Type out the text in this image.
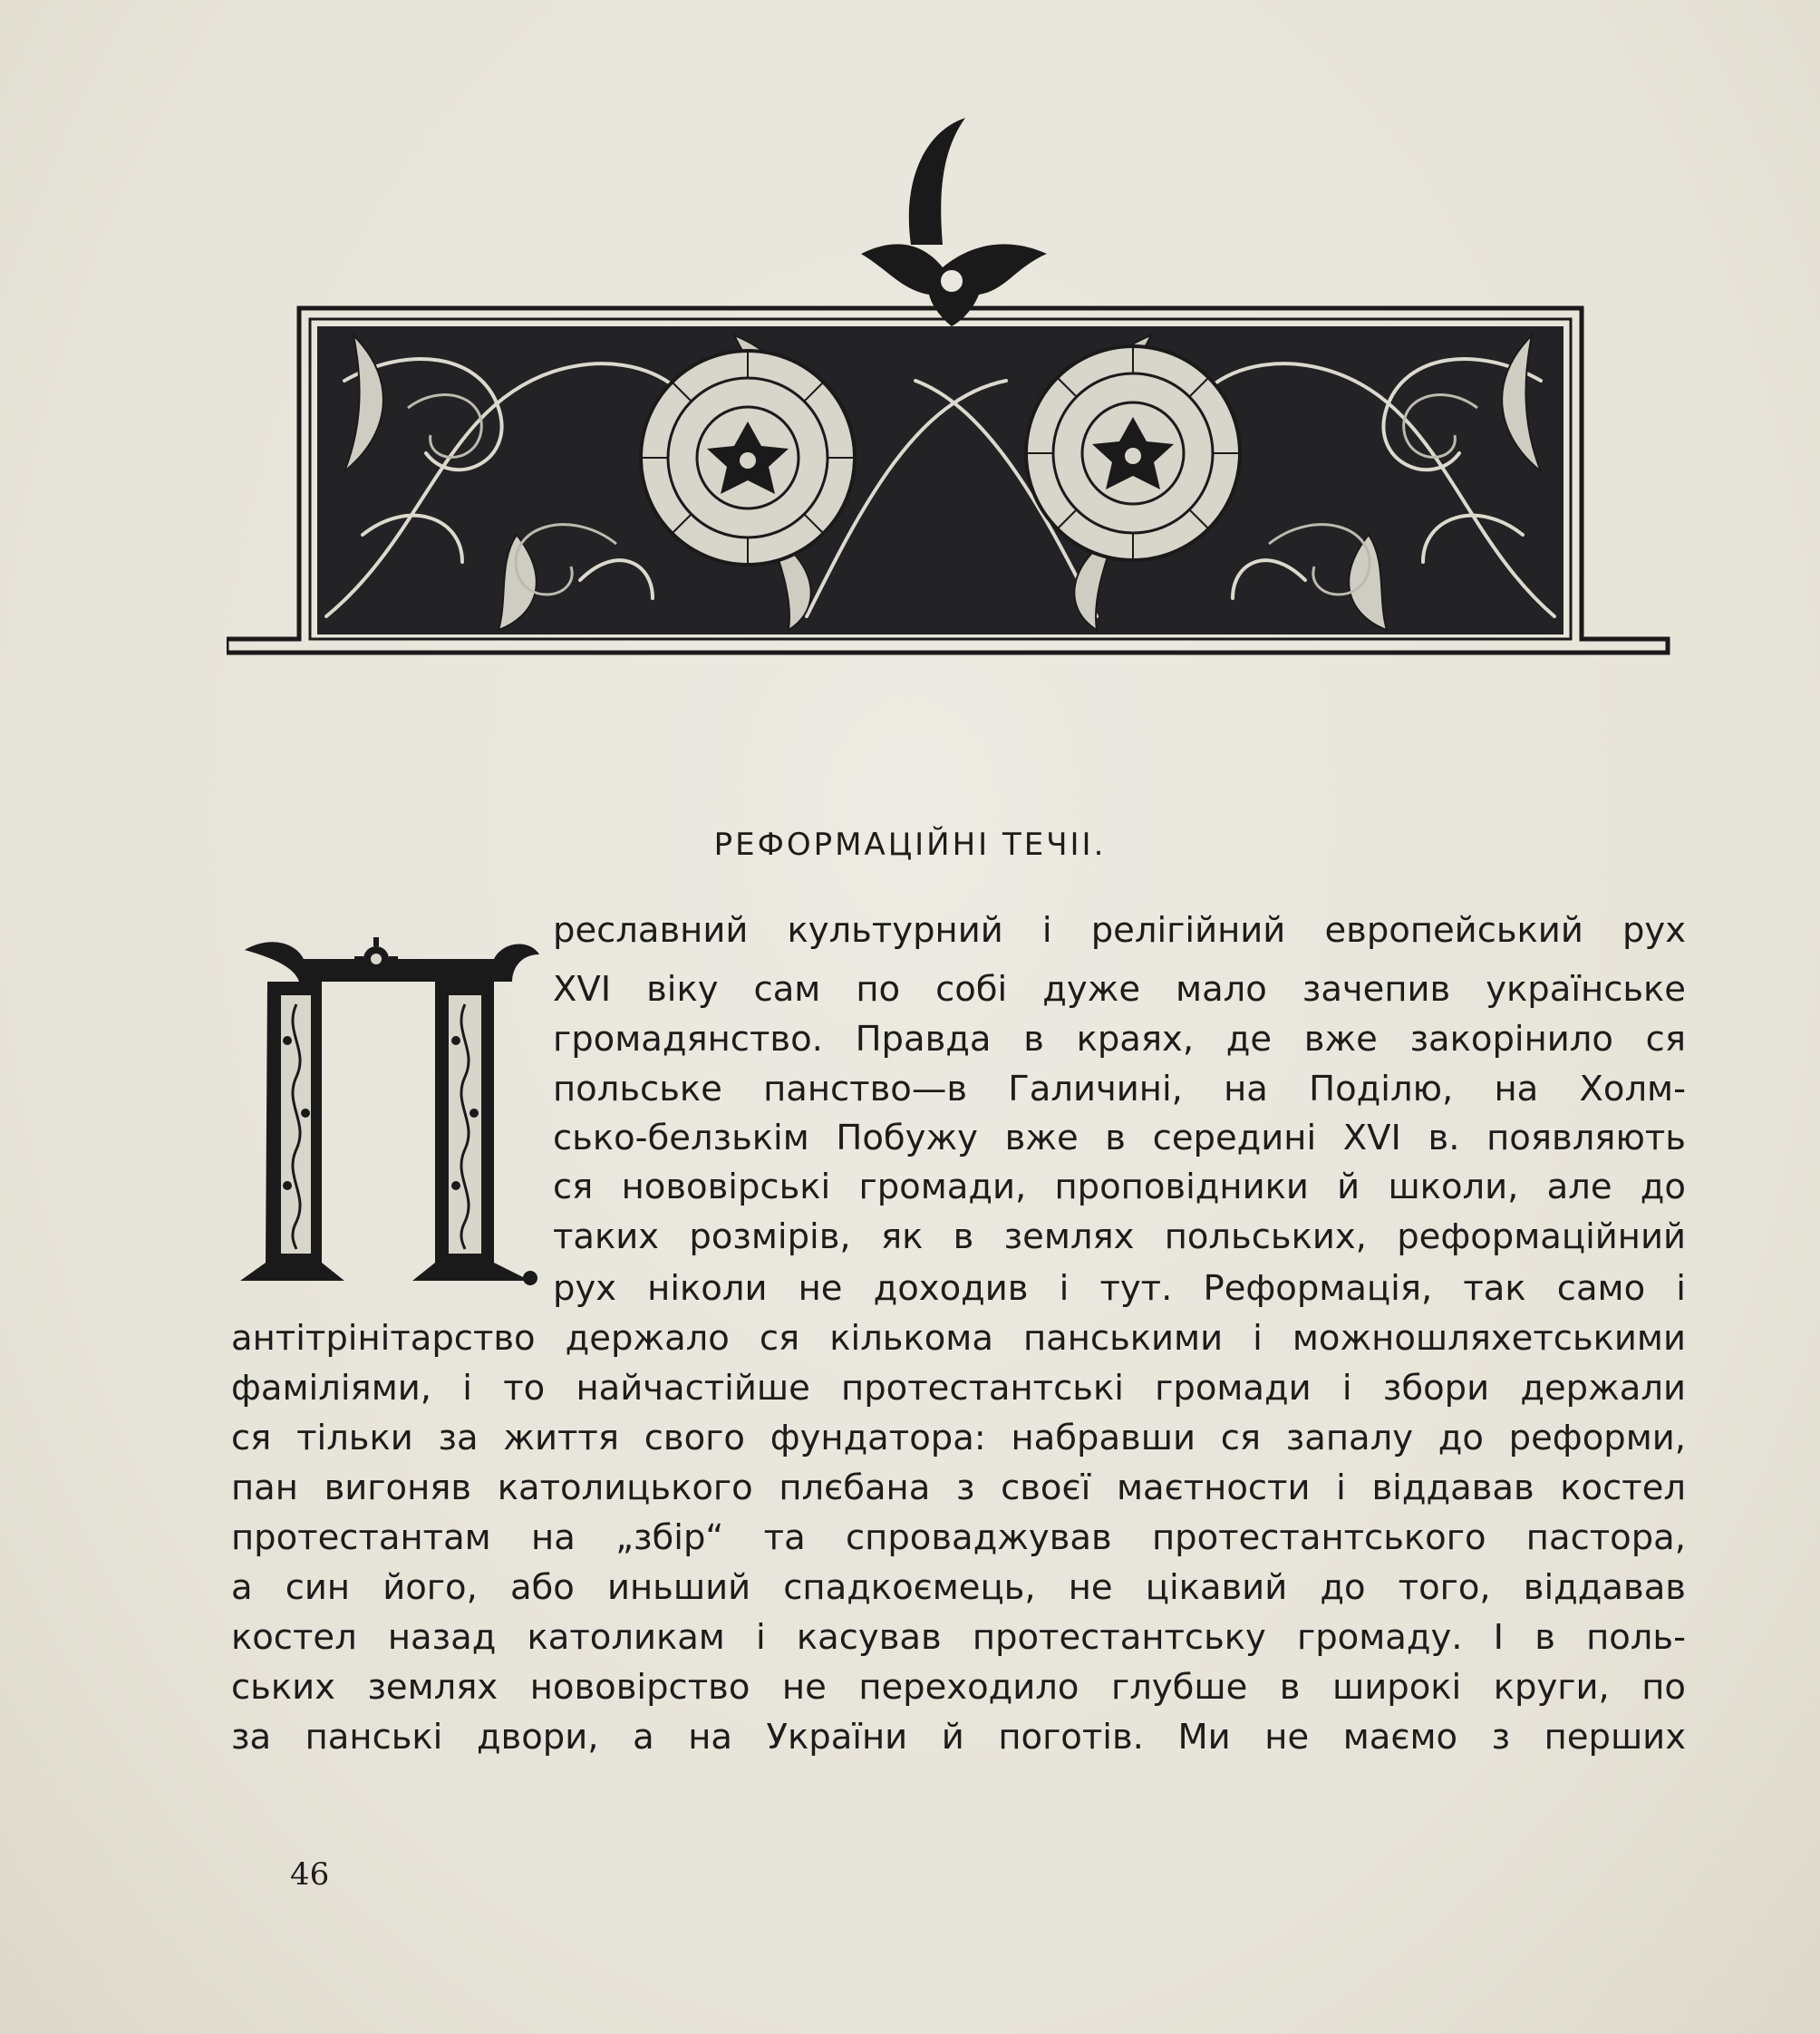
РЕФОРМАЦІЙНІ ТЕЧІІ.
реславний культурний і релігійний европейський рух
XVI віку сам по собі дуже мало зачепив українське
громадянство. Правда в краях, де вже закорінило ся
польське панство—в Галичині, на Поділю, на Холм-
сько-белзькім Побужу вже в середині XVI в. появляють
ся нововірські громади, проповідники й школи, але до
таких розмірів, як в землях польських, реформаційний
рух ніколи не доходив і тут. Реформація, так само і
антітрінітарство держало ся кількома панськими і можношляхетськими
фаміліями, і то найчастійше протестантські громади і збори держали
ся тільки за життя свого фундатора: набравши ся запалу до реформи,
пан вигоняв католицького плєбана з своєї маєтности і віддавав костел
протестантам на „збір“ та спроваджував протестантського пастора,
а син його, або иньший спадкоємець, не цікавий до того, віддавав
костел назад католикам і касував протестантську громаду. І в поль-
ських землях нововірство не переходило глубше в широкі круги, по
за панські двори, а на України й поготів. Ми не маємо з перших
46
